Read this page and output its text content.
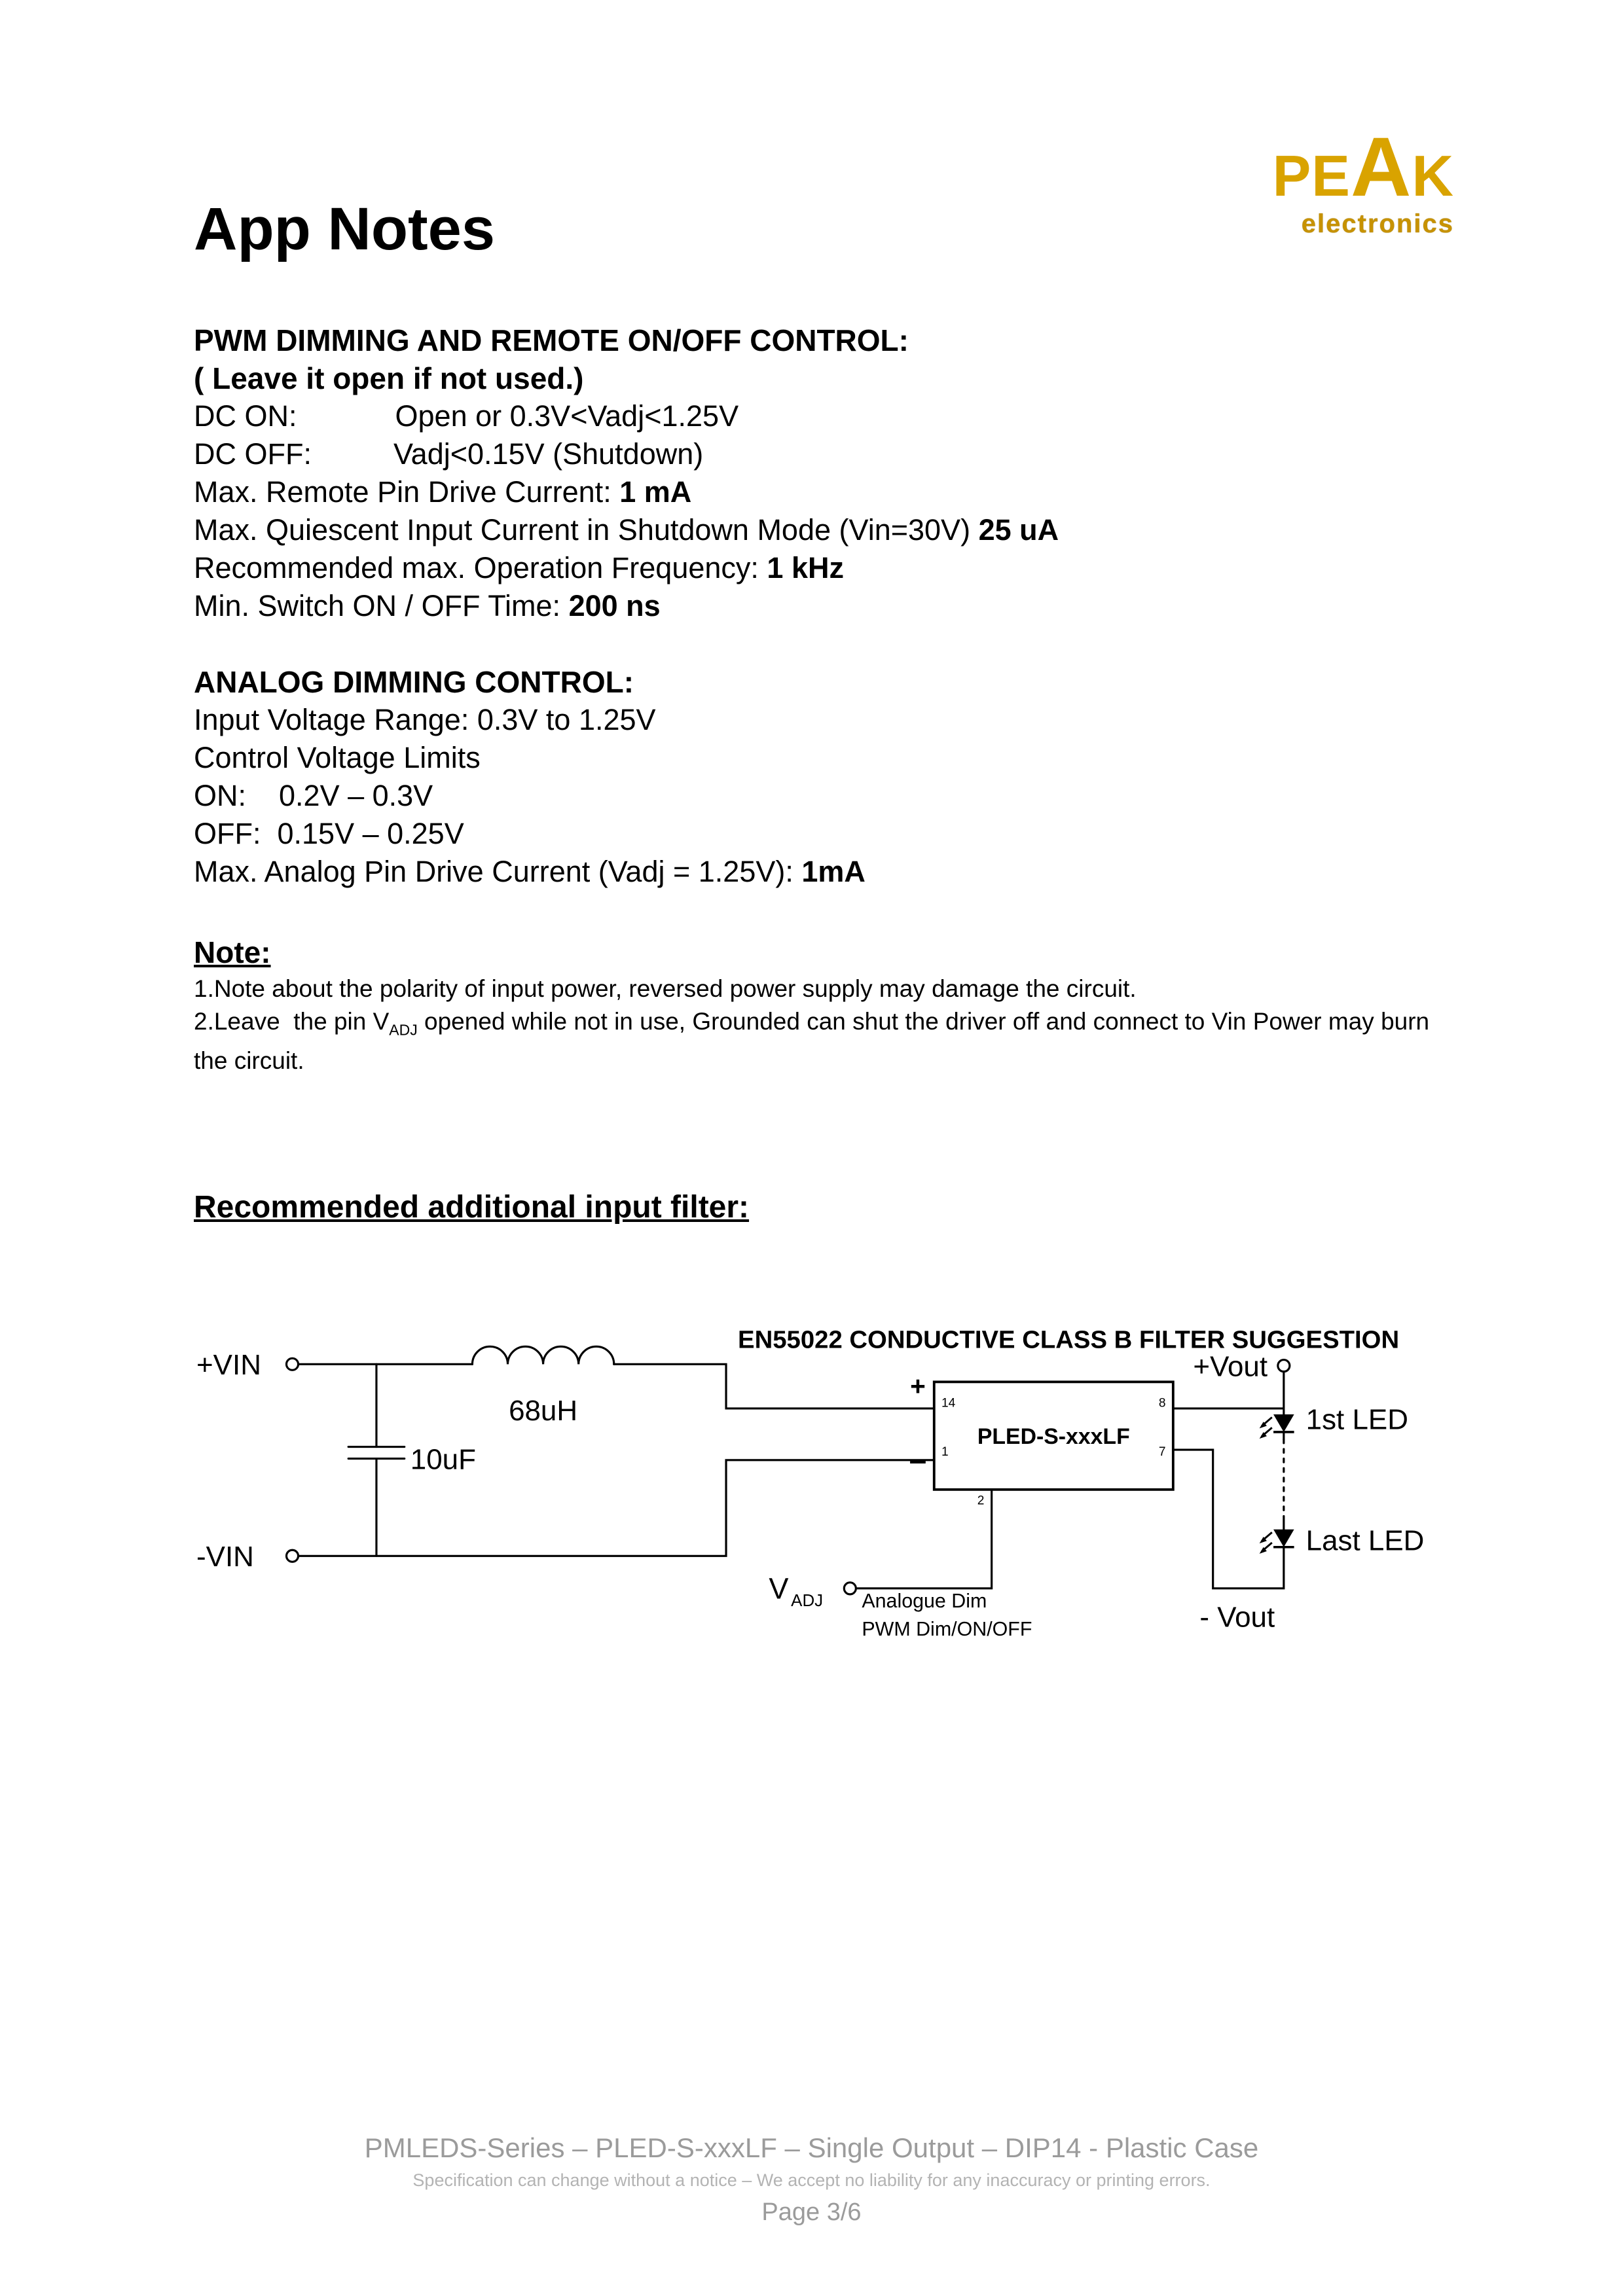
PEAK
electronics
App Notes
PWM DIMMING AND REMOTE ON/OFF CONTROL:
( Leave it open if not used.)
DC ON:            Open or 0.3V<Vadj<1.25V
DC OFF:          Vadj<0.15V (Shutdown)
Max. Remote Pin Drive Current: 1 mA
Max. Quiescent Input Current in Shutdown Mode (Vin=30V) 25 uA
Recommended max. Operation Frequency: 1 kHz
Min. Switch ON / OFF Time: 200 ns
ANALOG DIMMING CONTROL:
Input Voltage Range: 0.3V to 1.25V
Control Voltage Limits
ON:    0.2V – 0.3V
OFF:  0.15V – 0.25V
Max. Analog Pin Drive Current (Vadj = 1.25V): 1mA
Note:
1.Note about the polarity of input power, reversed power supply may damage the circuit.
2.Leave  the pin $V_{ADJ}$ opened while not in use, Grounded can shut the driver off and connect to Vin Power may burn the circuit.
Recommended additional input filter:
EN55022 CONDUCTIVE CLASS B FILTER SUGGESTION
PLED-S-xxxLF
14
1
8
7
2
+
−
+VIN
-VIN
68uH
10uF
+Vout
1st LED
Last LED
- Vout
V ADJ	Analogue Dim
PWM Dim/ON/OFF
PMLEDS-Series – PLED-S-xxxLF – Single Output – DIP14 - Plastic Case
Specification can change without a notice – We accept no liability for any inaccuracy or printing errors.
Page 3/6
